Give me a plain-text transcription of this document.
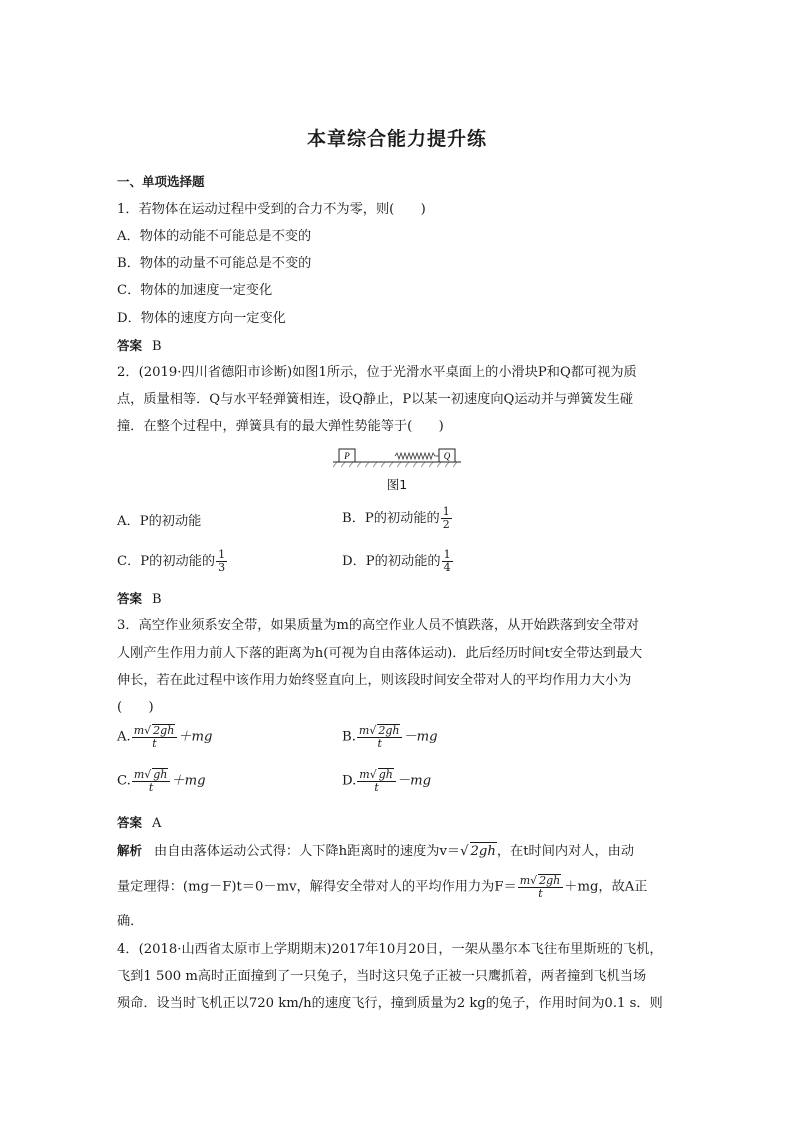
本章综合能力提升练
一、单项选择题
1．若物体在运动过程中受到的合力不为零，则(　　)
A．物体的动能不可能总是不变的
B．物体的动量不可能总是不变的
C．物体的加速度一定变化
D．物体的速度方向一定变化
答案 B
2．(2019·四川省德阳市诊断)如图1所示，位于光滑水平桌面上的小滑块P和Q都可视为质
点，质量相等．Q与水平轻弹簧相连，设Q静止，P以某一初速度向Q运动并与弹簧发生碰
撞．在整个过程中，弹簧具有的最大弹性势能等于(　　)
P	Q
图1
A．P的初动能	B．P的初动能的 $\frac{1}{2}$
C．P的初动能的 $\frac{1}{3}$	D．P的初动能的 $\frac{1}{4}$
答案 B
3．高空作业须系安全带，如果质量为m的高空作业人员不慎跌落，从开始跌落到安全带对
人刚产生作用力前人下落的距离为h(可视为自由落体运动)．此后经历时间t安全带达到最大
伸长，若在此过程中该作用力始终竖直向上，则该段时间安全带对人的平均作用力大小为
(　　)
A. $\frac{m√ 2gh}{t} +mg$	B. $\frac{m√ 2gh}{t} -mg$
C. $\frac{m√ gh}{t} +mg$	D. $\frac{m√ gh}{t} -mg$
答案 A
解析 由自由落体运动公式得：人下降h距离时的速度为v＝√ 2gh，在t时间内对人，由动
量定理得：(mg－F)t＝0－mv，解得安全带对人的平均作用力为$F= \frac{m√ 2gh}{t} +mg$，故A正
确．
4．(2018·山西省太原市上学期期末)2017年10月20日，一架从墨尔本飞往布里斯班的飞机，
飞到1 500 m高时正面撞到了一只兔子，当时这只兔子正被一只鹰抓着，两者撞到飞机当场
殒命．设当时飞机正以720 km/h的速度飞行，撞到质量为2 kg的兔子，作用时间为0.1 s．则
